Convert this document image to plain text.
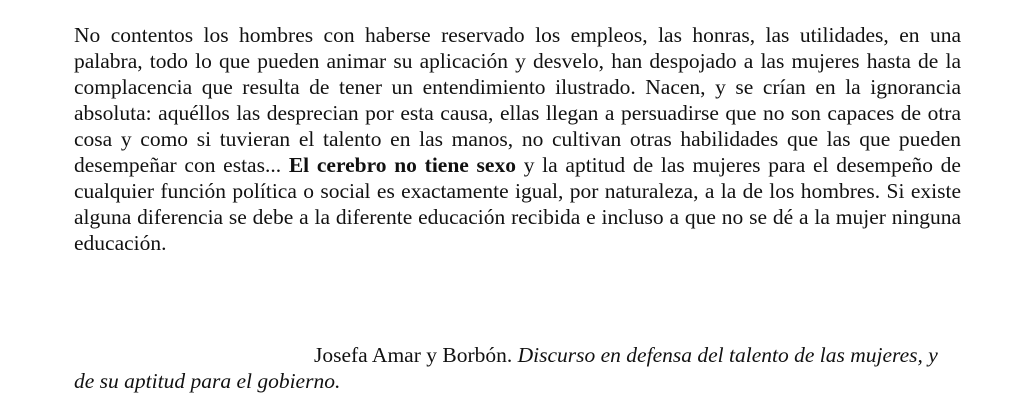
No contentos los hombres con haberse reservado los empleos, las honras, las utilidades, en una palabra, todo lo que pueden animar su aplicación y desvelo, han despojado a las mujeres hasta de la complacencia que resulta de tener un entendimiento ilustrado. Nacen, y se crían en la ignorancia absoluta: aquéllos las desprecian por esta causa, ellas llegan a persuadirse que no son capaces de otra cosa y como si tuvieran el talento en las manos, no cultivan otras habilidades que las que pueden desempeñar con estas... El cerebro no tiene sexo y la aptitud de las mujeres para el desempeño de cualquier función política o social es exactamente igual, por naturaleza, a la de los hombres. Si existe alguna diferencia se debe a la diferente educación recibida e incluso a que no se dé a la mujer ninguna educación.

Josefa Amar y Borbón. Discurso en defensa del talento de las mujeres, y de su aptitud para el gobierno.
